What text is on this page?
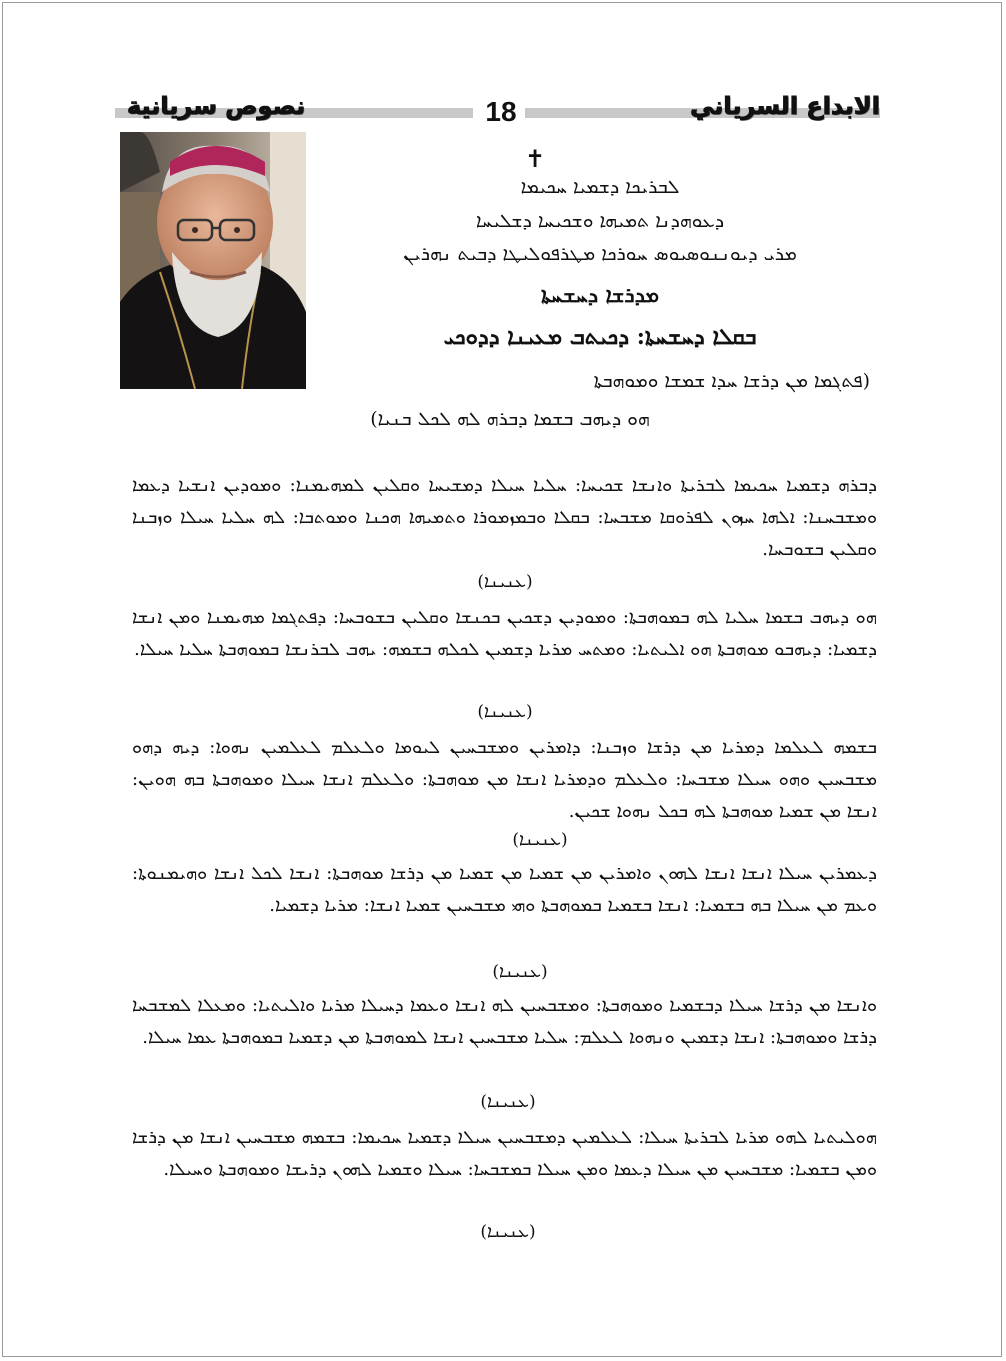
نصوص سريانية	18	الابداع السرياني
✝
ܠܒܪܝܟܐ ܕܫܡܝܐ ܚܟܝܡܐ
ܕܥܘܗܕܢܐ ܬܡܝܗܐ ܘܫܟܝܚܐ ܕܫܠܝܚܐ
ܡܪܝ ܕܝܘܢܢܘܣܝܘܣ ܚܘܪܟܐ ܡܛܪܦܘܠܝܛܐ ܕܒܝܬ ܢܗܪܝܢ
ܡܕܪܫܐ ܕܚܫܚܬܐ
ܒܩܠܐ ܕܚܫܚܬܐ: ܕܟܝܬܒ ܡܥܝܢܐ ܕܕܘܟܝ
(ܦܬܓܡܐ ܡܢ ܕܪܫܐ ܚܕܐ ܫܡܫܐ ܘܡܘܗܒܬܐ
ܗܘ ܕܝܗܒ ܒܫܡܐ ܕܒܪܗ ܠܗ ܠܟܠ ܒܢܝܐ)
ܕܒܪܗ ܕܫܡܝܐ ܚܟܝܡܐ ܠܒܪܝܬܐ ܘܐܢܫܐ ܫܟܝܚܐ: ܚܠܝܐ ܚܝܠܐ ܕܡܫܝܚܐ ܘܩܠܝܢ ܠܡܗܝܡܢܐ: ܘܡܘܕܝܢ ܐܢܫܝܐ ܕܥܡܐ ܘܡܫܒܚܢܐ: ܐܠܗܐ ܚܙܘܢ ܠܦܪܘܩܐ ܡܫܒܚܐ: ܒܩܠܐ ܘܒܡܙܡܘܪܐ ܘܬܡܝܗܐ ܗܟܢܐ ܘܡܘܬܒܐ: ܠܗ ܚܠܝܐ ܚܝܠܐ ܘܙܒܢܐ ܘܩܠܝܢ ܒܫܘܒܚܐ.
(ܥܢܝܢܐ)
ܗܘ ܕܝܗܒ ܒܫܡܐ ܚܠܝܐ ܠܗ ܒܡܘܗܒܬܐ: ܘܡܘܕܝܢ ܕܫܟܝܢ ܒܟܢܫܐ ܘܩܠܝܢ ܒܫܘܒܚܐ: ܕܦܬܓܡܐ ܡܗܝܡܢܐ ܘܡܢ ܐܢܫܐ ܕܫܡܝܐ: ܕܝܗܒܘ ܡܘܗܒܬܐ ܗܘ ܐܠܝܬܝܐ: ܘܡܬܚ ܡܪܝܐ ܕܫܡܝܢ ܠܟܠܗ ܒܫܡܗ: ܝܗܒ ܠܒܪܢܫܐ ܒܡܘܗܒܬܐ ܚܠܝܐ ܚܝܠܐ.
(ܥܢܝܢܐ)
ܒܫܡܗ ܠܥܠܡܐ ܕܡܪܝܐ ܡܢ ܕܪܫܐ ܘܙܒܢܐ: ܕܐܡܪܝܢ ܘܡܫܒܚܝܢ ܠܝܘܡܐ ܘܠܥܠܡ ܠܥܠܡܝܢ ܢܗܘܐ: ܕܝܗ ܕܗܘ ܡܫܒܚܝܢ ܘܗܘ ܚܝܠܐ ܡܫܒܚܐ: ܘܠܥܠܡ ܘܕܡܪܝܐ ܐܢܫܐ ܡܢ ܡܘܗܒܬܐ: ܘܠܥܠܡ ܐܢܫܐ ܚܝܠܐ ܘܡܘܗܒܬܐ ܒܗ ܗܘܝܢ: ܐܢܫܐ ܡܢ ܫܡܝܐ ܡܘܗܒܬܐ ܠܗ ܒܟܠ ܢܗܘܐ ܫܟܝܢ.
(ܥܢܝܢܐ)
ܕܥܡܪܝܢ ܚܝܠܐ ܐܢܫܐ ܐܢܫܐ ܠܗܘܢ ܘܐܡܪܝܢ ܡܢ ܫܡܝܐ ܡܢ ܫܡܝܐ ܡܢ ܕܪܫܐ ܡܘܗܒܬܐ: ܐܢܫܐ ܠܟܠ ܐܢܫܐ ܘܗܝܡܢܘܬܐ: ܘܥܡ ܡܢ ܚܝܠܐ ܒܗ ܒܫܡܝܐ: ܐܢܫܐ ܒܫܡܝܐ ܒܡܘܗܒܬܐ ܘܗܝ ܡܫܒܚܝܢ ܫܡܝܐ ܐܢܫܐ: ܡܪܝܐ ܕܫܡܝܐ.
(ܥܢܝܢܐ)
ܘܐܢܫܐ ܡܢ ܕܪܫܐ ܚܝܠܐ ܕܒܫܡܝܐ ܘܡܘܗܒܬܐ: ܘܡܫܒܚܝܢ ܠܗ ܐܢܫܐ ܘܥܡܐ ܕܚܝܠܐ ܡܪܝܐ ܘܐܠܝܬܝܐ: ܘܡܥܠܐ ܠܡܫܒܚܐ ܕܪܫܐ ܘܡܘܗܒܬܐ: ܐܢܫܐ ܕܫܡܝܢ ܘܢܗܘܐ ܠܥܠܡ: ܚܠܝܐ ܡܫܒܚܝܢ ܐܢܫܐ ܠܡܘܗܒܬܐ ܡܢ ܕܫܡܝܐ ܒܡܘܗܒܬܐ ܥܡܐ ܚܝܠܐ.
(ܥܢܝܢܐ)
ܗܘܠܝܬܝܐ ܠܗܘ ܡܪܝܐ ܠܒܪܝܬܐ ܚܝܠܐ: ܠܥܠܡܝܢ ܕܡܫܒܚܝܢ ܚܝܠܐ ܕܫܡܝܐ ܚܟܝܡܐ: ܒܫܡܗ ܡܫܒܚܝܢ ܐܢܫܐ ܡܢ ܕܪܫܐ ܘܡܢ ܒܫܡܝܐ: ܡܫܒܚܝܢ ܡܢ ܚܝܠܐ ܕܥܡܐ ܘܡܢ ܚܝܠܐ ܒܡܫܒܚܐ: ܚܝܠܐ ܘܫܡܝܐ ܠܗܘܢ ܕܪܝܫܐ ܘܡܘܗܒܬܐ ܘܚܝܠܐ.
(ܥܢܝܢܐ)
